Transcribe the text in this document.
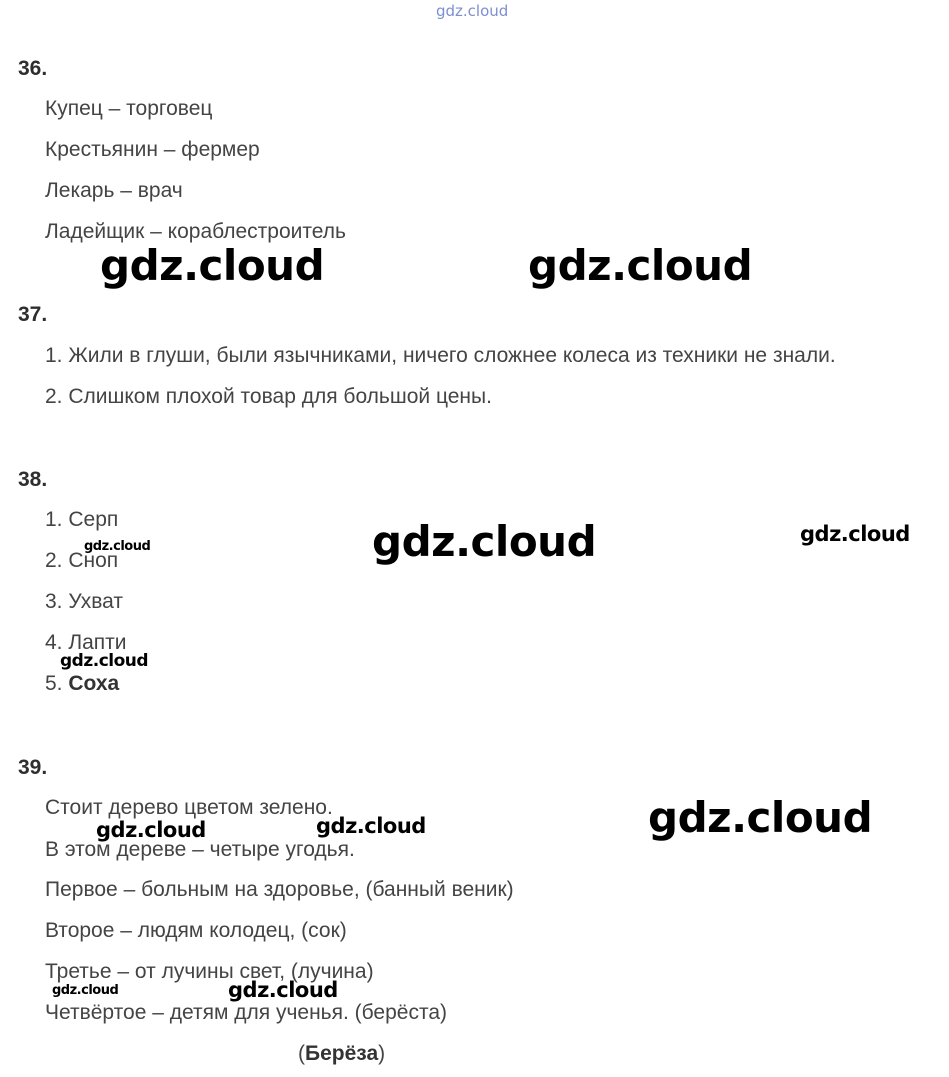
gdz.cloud
36.
Купец – торговец
Крестьянин – фермер
Лекарь – врач
Ладейщик – кораблестроитель
gdz.cloud	gdz.cloud
37.
1. Жили в глуши, были язычниками, ничего сложнее колеса из техники не знали.
2. Слишком плохой товар для большой цены.
38.
1. Серп
2. Сноп
3. Ухват
4. Лапти
5. Соха
gdz.cloud	gdz.cloud	gdz.cloud
gdz.cloud
39.
Стоит дерево цветом зелено.
В этом дереве – четыре угодья.
Первое – больным на здоровье, (банный веник)
Второе – людям колодец, (сок)
Третье – от лучины свет, (лучина)
Четвёртое – детям для ученья. (берёста)
(Берёза)
gdz.cloud	gdz.cloud	gdz.cloud
gdz.cloud	gdz.cloud
